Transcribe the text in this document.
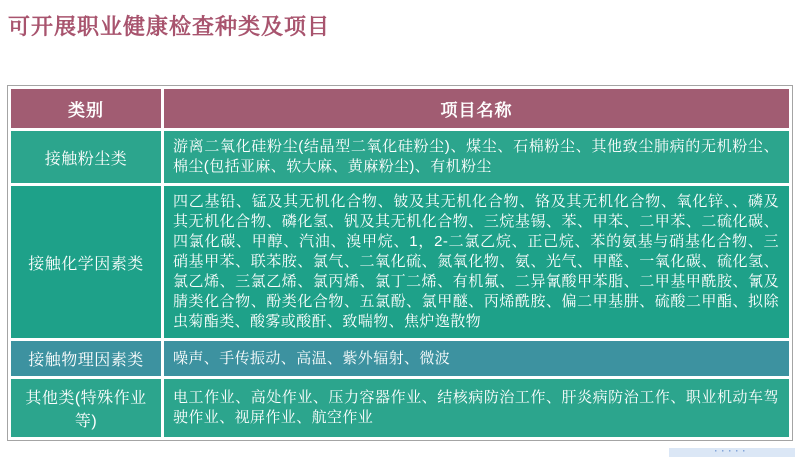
可开展职业健康检查种类及项目
类别	项目名称
接触粉尘类	游离二氧化硅粉尘(结晶型二氧化硅粉尘)、煤尘、石棉粉尘、其他致尘肺病的无机粉尘、棉尘(包括亚麻、软大麻、黄麻粉尘)、有机粉尘
接触化学因素类	四乙基铅、锰及其无机化合物、铍及其无机化合物、铬及其无机化合物、氧化锌、、磷及其无机化合物、磷化氢、钒及其无机化合物、三烷基锡、苯、甲苯、二甲苯、二硫化碳、四氯化碳、甲醇、汽油、溴甲烷、1，2-二氯乙烷、正己烷、苯的氨基与硝基化合物、三硝基甲苯、联苯胺、氯气、二氧化硫、氮氧化物、氨、光气、甲醛、一氧化碳、硫化氢、氯乙烯、三氯乙烯、氯丙烯、氯丁二烯、有机氟、二异氰酸甲苯脂、二甲基甲酰胺、氰及腈类化合物、酚类化合物、五氯酚、氯甲醚、丙烯酰胺、偏二甲基肼、硫酸二甲酯、拟除虫菊酯类、酸雾或酸酐、致喘物、焦炉逸散物
接触物理因素类	噪声、手传振动、高温、紫外辐射、微波
其他类(特殊作业等)	电工作业、高处作业、压力容器作业、结核病防治工作、肝炎病防治工作、职业机动车驾驶作业、视屏作业、航空作业
·····
